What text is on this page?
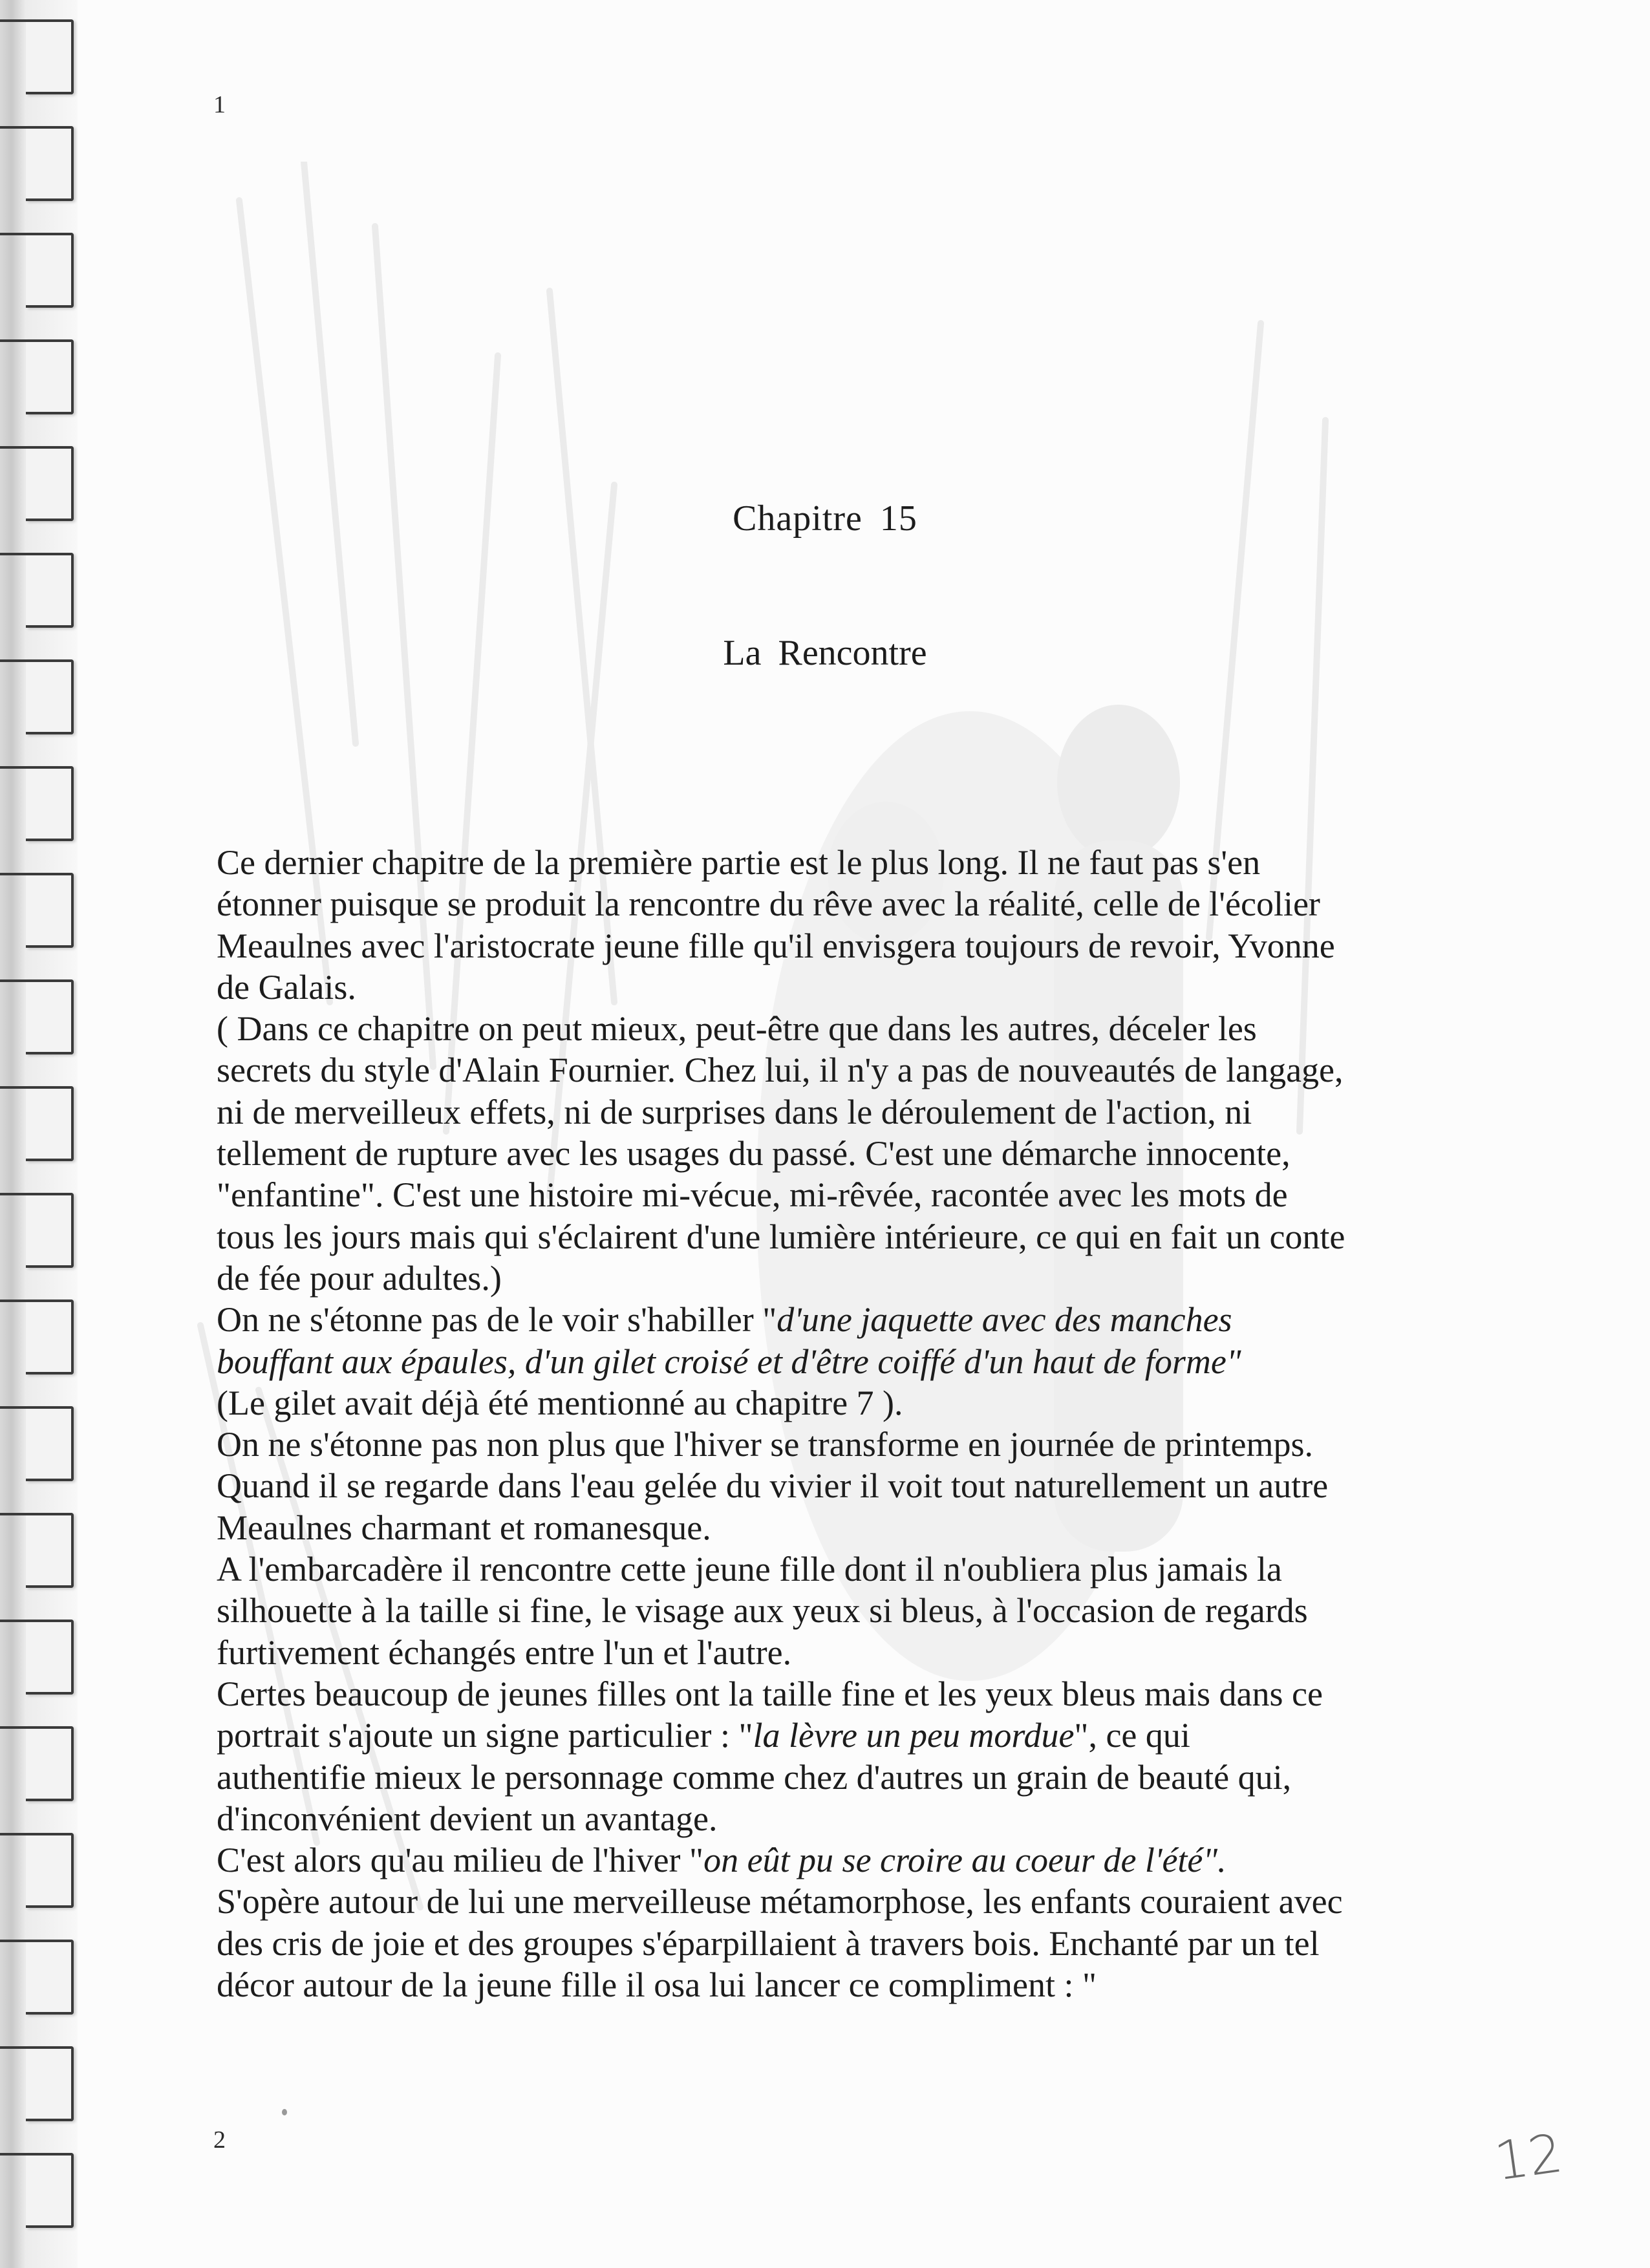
1
Chapitre 15
La Rencontre
Ce dernier chapitre de la première partie est le plus long. Il ne faut pas s'en
étonner puisque se produit la rencontre du rêve avec la réalité, celle de l'écolier
Meaulnes avec l'aristocrate jeune fille qu'il envisgera toujours de revoir, Yvonne
de Galais.
( Dans ce chapitre on peut mieux, peut-être que dans les autres, déceler les
secrets du style d'Alain Fournier. Chez lui, il n'y a pas de nouveautés de langage,
ni de merveilleux effets, ni de surprises dans le déroulement de l'action, ni
tellement de rupture avec les usages du passé. C'est une démarche innocente,
"enfantine". C'est une histoire mi-vécue, mi-rêvée, racontée avec les mots de
tous les jours mais qui s'éclairent d'une lumière intérieure, ce qui en fait un conte
de fée pour adultes.)
On ne s'étonne pas de le voir s'habiller "d'une jaquette avec des manches
bouffant aux épaules, d'un gilet croisé et d'être coiffé d'un haut de forme"
(Le gilet avait déjà été mentionné au chapitre 7 ).
On ne s'étonne pas non plus que l'hiver se transforme en journée de printemps.
Quand il se regarde dans l'eau gelée du vivier il voit tout naturellement un autre
Meaulnes charmant et romanesque.
A l'embarcadère il rencontre cette jeune fille dont il n'oubliera plus jamais la
silhouette à la taille si fine, le visage aux yeux si bleus, à l'occasion de regards
furtivement échangés entre l'un et l'autre.
Certes beaucoup de jeunes filles ont la taille fine et les yeux bleus mais dans ce
portrait s'ajoute un signe particulier : "la lèvre un peu mordue", ce qui
authentifie mieux le personnage comme chez d'autres un grain de beauté qui,
d'inconvénient devient un avantage.
C'est alors qu'au milieu de l'hiver "on eût pu se croire au coeur de l'été".
S'opère autour de lui une merveilleuse métamorphose, les enfants couraient avec
des cris de joie et des groupes s'éparpillaient à travers bois. Enchanté par un tel
décor autour de la jeune fille il osa lui lancer ce compliment : "
2	12
